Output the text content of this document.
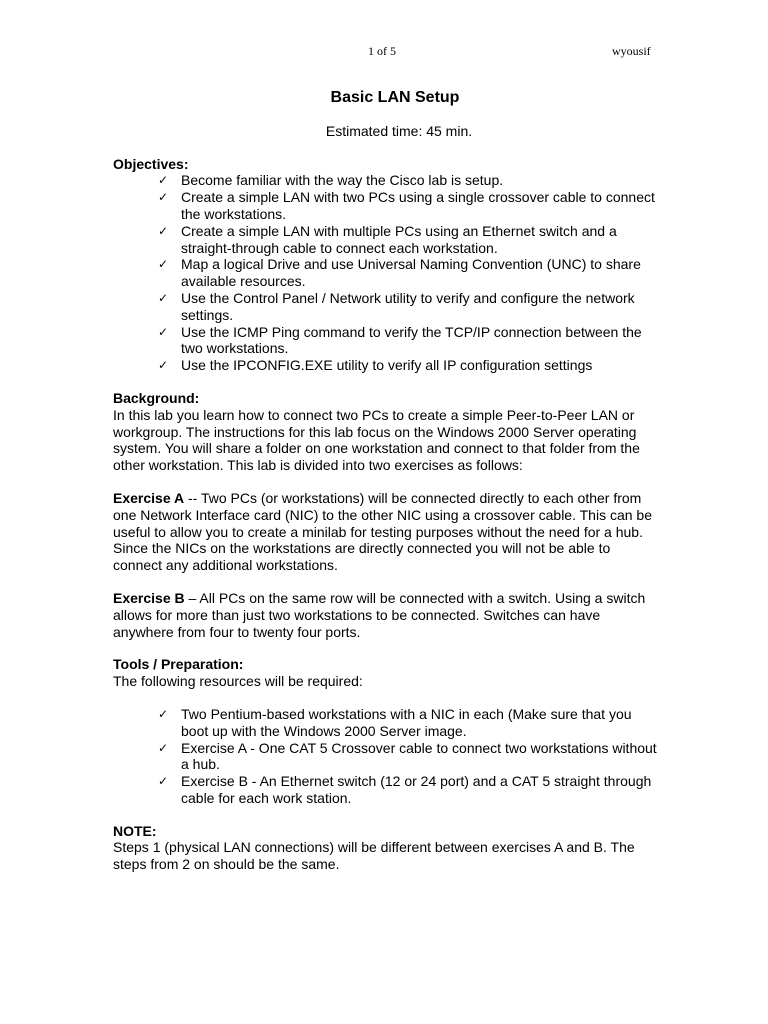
1 of 5	wyousif
Basic LAN Setup
Estimated time: 45 min.

Objectives:

✓ Become familiar with the way the Cisco lab is setup.
✓ Create a simple LAN with two PCs using a single crossover cable to connect the workstations.
✓ Create a simple LAN with multiple PCs using an Ethernet switch and a straight-through cable to connect each workstation.
✓ Map a logical Drive and use Universal Naming Convention (UNC) to share available resources.
✓ Use the Control Panel / Network utility to verify and configure the network settings.
✓ Use the ICMP Ping command to verify the TCP/IP connection between the two workstations.
✓ Use the IPCONFIG.EXE utility to verify all IP configuration settings

Background:

In this lab you learn how to connect two PCs to create a simple Peer-to-Peer LAN or workgroup. The instructions for this lab focus on the Windows 2000 Server operating system. You will share a folder on one workstation and connect to that folder from the other workstation. This lab is divided into two exercises as follows:

Exercise A -- Two PCs (or workstations) will be connected directly to each other from one Network Interface card (NIC) to the other NIC using a crossover cable. This can be useful to allow you to create a minilab for testing purposes without the need for a hub. Since the NICs on the workstations are directly connected you will not be able to connect any additional workstations.

Exercise B – All PCs on the same row will be connected with a switch. Using a switch allows for more than just two workstations to be connected. Switches can have anywhere from four to twenty four ports.

Tools / Preparation:

The following resources will be required:

✓ Two Pentium-based workstations with a NIC in each (Make sure that you boot up with the Windows 2000 Server image.
✓ Exercise A - One CAT 5 Crossover cable to connect two workstations without a hub.
✓ Exercise B - An Ethernet switch (12 or 24 port) and a CAT 5 straight through cable for each work station.

NOTE:

Steps 1 (physical LAN connections) will be different between exercises A and B. The steps from 2 on should be the same.
